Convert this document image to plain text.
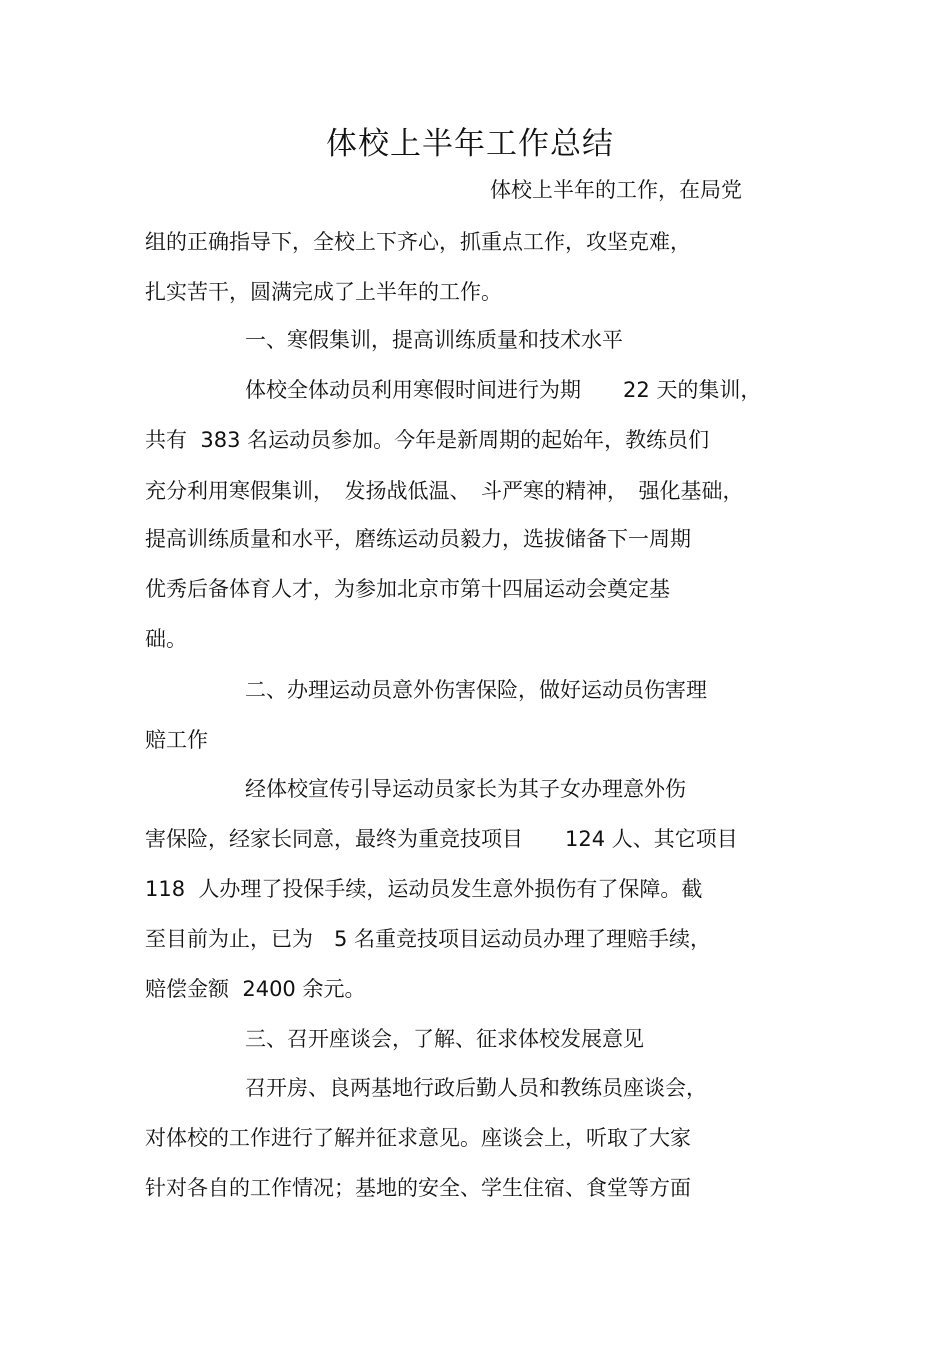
体校上半年工作总结
体校上半年的工作，在局党
组的正确指导下，全校上下齐心，抓重点工作，攻坚克难，
扎实苦干，圆满完成了上半年的工作。
一、寒假集训，提高训练质量和技术水平
体校全体动员利用寒假时间进行为期　　22 天的集训，
共有  383 名运动员参加。今年是新周期的起始年，教练员们
充分利用寒假集训，　发扬战低温、　斗严寒的精神，　强化基础，
提高训练质量和水平，磨练运动员毅力，选拔储备下一周期
优秀后备体育人才，为参加北京市第十四届运动会奠定基
础。
二、办理运动员意外伤害保险，做好运动员伤害理
赔工作
经体校宣传引导运动员家长为其子女办理意外伤
害保险，经家长同意，最终为重竞技项目　　124 人、其它项目
118  人办理了投保手续，运动员发生意外损伤有了保障。截
至目前为止，已为　5 名重竞技项目运动员办理了理赔手续，
赔偿金额  2400 余元。
三、召开座谈会，了解、征求体校发展意见
召开房、良两基地行政后勤人员和教练员座谈会，
对体校的工作进行了解并征求意见。座谈会上，听取了大家
针对各自的工作情况；基地的安全、学生住宿、食堂等方面
